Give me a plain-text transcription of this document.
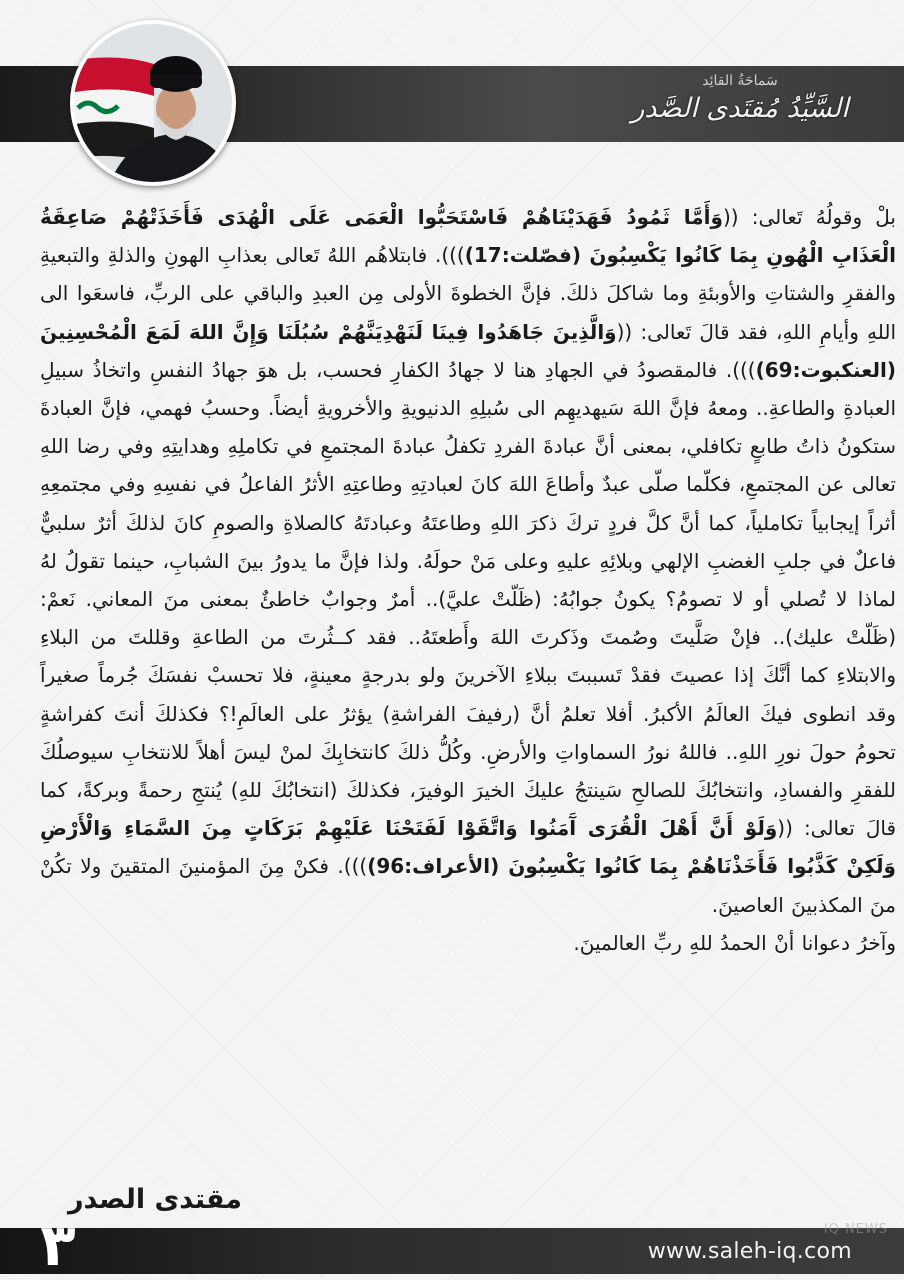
سَماحَةُ القائِد
السَّيِّدُ مُقتَدى الصَّدر

بلْ وقولُهُ تَعالى: ((وَأَمَّا ثَمُودُ فَهَدَيْنَاهُمْ فَاسْتَحَبُّوا الْعَمَى عَلَى الْهُدَى فَأَخَذَتْهُمْ صَاعِقَةُ الْعَذَابِ الْهُونِ بِمَا كَانُوا يَكْسِبُونَ (فصّلت:17)))). فابتلاهُم اللهُ تَعالى بعذابِ الهونِ والذلةِ والتبعيةِ والفقرِ والشتاتِ والأوبئةِ وما شاكلَ ذلكَ. فإنَّ الخطوةَ الأولى مِن العبدِ والباقي على الربِّ، فاسعَوا الى اللهِ وأيامِ اللهِ، فقد قالَ تَعالى: ((وَالَّذِينَ جَاهَدُوا فِينَا لَنَهْدِيَنَّهُمْ سُبُلَنَا وَإِنَّ اللهَ لَمَعَ الْمُحْسِنِينَ (العنكبوت:69)))). فالمقصودُ في الجهادِ هنا لا جهادُ الكفارِ فحسب، بل هوَ جهادُ النفسِ واتخاذُ سبيلِ العبادةِ والطاعةِ.. ومعهُ فإنَّ اللهَ سَيهديهِم الى سُبلِهِ الدنيويةِ والأخرويةِ أيضاً. وحسبُ فهمي، فإنَّ العبادةَ ستكونُ ذاتُ طابعٍ تكافلي، بمعنى أنَّ عبادةَ الفردِ تكفلُ عبادةَ المجتمعِ في تكاملِهِ وهدايتِهِ وفي رضا اللهِ تعالى عن المجتمعِ، فكلّما صلّى عبدٌ وأطاعَ اللهَ كانَ لعبادتِهِ وطاعتِهِ الأثرُ الفاعلُ في نفسِهِ وفي مجتمعِهِ أثراً إيجابياً تكاملياً، كما أنَّ كلَّ فردٍ تركَ ذكرَ اللهِ وطاعتَهُ وعبادتَهُ كالصلاةِ والصومِ كانَ لذلكَ أثرٌ سلبيٌّ فاعلٌ في جلبِ الغضبِ الإلهي وبلائِهِ عليهِ وعلى مَنْ حولَهُ. ولذا فإنَّ ما يدورُ بينَ الشبابِ، حينما تقولُ لهُ لماذا لا تُصلي أو لا تصومُ؟ يكونُ جوابُهُ: (ظَلّتْ عليَّ).. أمرٌ وجوابٌ خاطئٌ بمعنى منَ المعاني. نَعمْ: (ظَلّتْ عليك).. فإنْ صَلَّيتَ وصُمتَ وذَكرتَ اللهَ وأَطعتَهُ.. فقد كــثُرتَ من الطاعةِ وقللتَ من البلاءِ والابتلاءِ كما أنَّكَ إذا عصيتَ فقدْ تَسببتَ ببلاءِ الآخرينَ ولو بدرجةٍ معينةٍ، فلا تحسبْ نفسَكَ جُرماً صغيراً وقد انطوى فيكَ العالَمُ الأكبرُ. أفلا تعلمُ أنَّ (رفيفَ الفراشةِ) يؤثرُ على العالَمِ!؟ فكذلكَ أنتَ كفراشةٍ تحومُ حولَ نورِ اللهِ.. فاللهُ نورُ السماواتِ والأرضِ. وكُلُّ ذلكَ كانتخابِكَ لمنْ ليسَ أهلاً للانتخابِ سيوصلُكَ للفقرِ والفسادِ، وانتخابُكَ للصالحِ سَينتجُ عليكَ الخيرَ الوفيرَ، فكذلكَ (انتخابُكَ للهِ) يُنتجِ رحمةً وبركةً، كما قالَ تعالى: ((وَلَوْ أَنَّ أَهْلَ الْقُرَى آَمَنُوا وَاتَّقَوْا لَفَتَحْنَا عَلَيْهِمْ بَرَكَاتٍ مِنَ السَّمَاءِ وَالْأَرْضِ وَلَكِنْ كَذَّبُوا فَأَخَذْنَاهُمْ بِمَا كَانُوا يَكْسِبُونَ (الأعراف:96)))). فكنْ مِنَ المؤمنينَ المتقينَ ولا تكُنْ منَ المكذبينَ العاصينَ.

وآخرُ دعوانا أنْ الحمدُ للهِ ربِّ العالمينَ.

مقتدى الصدر
٣	www.saleh-iq.com
IQ NEWS
